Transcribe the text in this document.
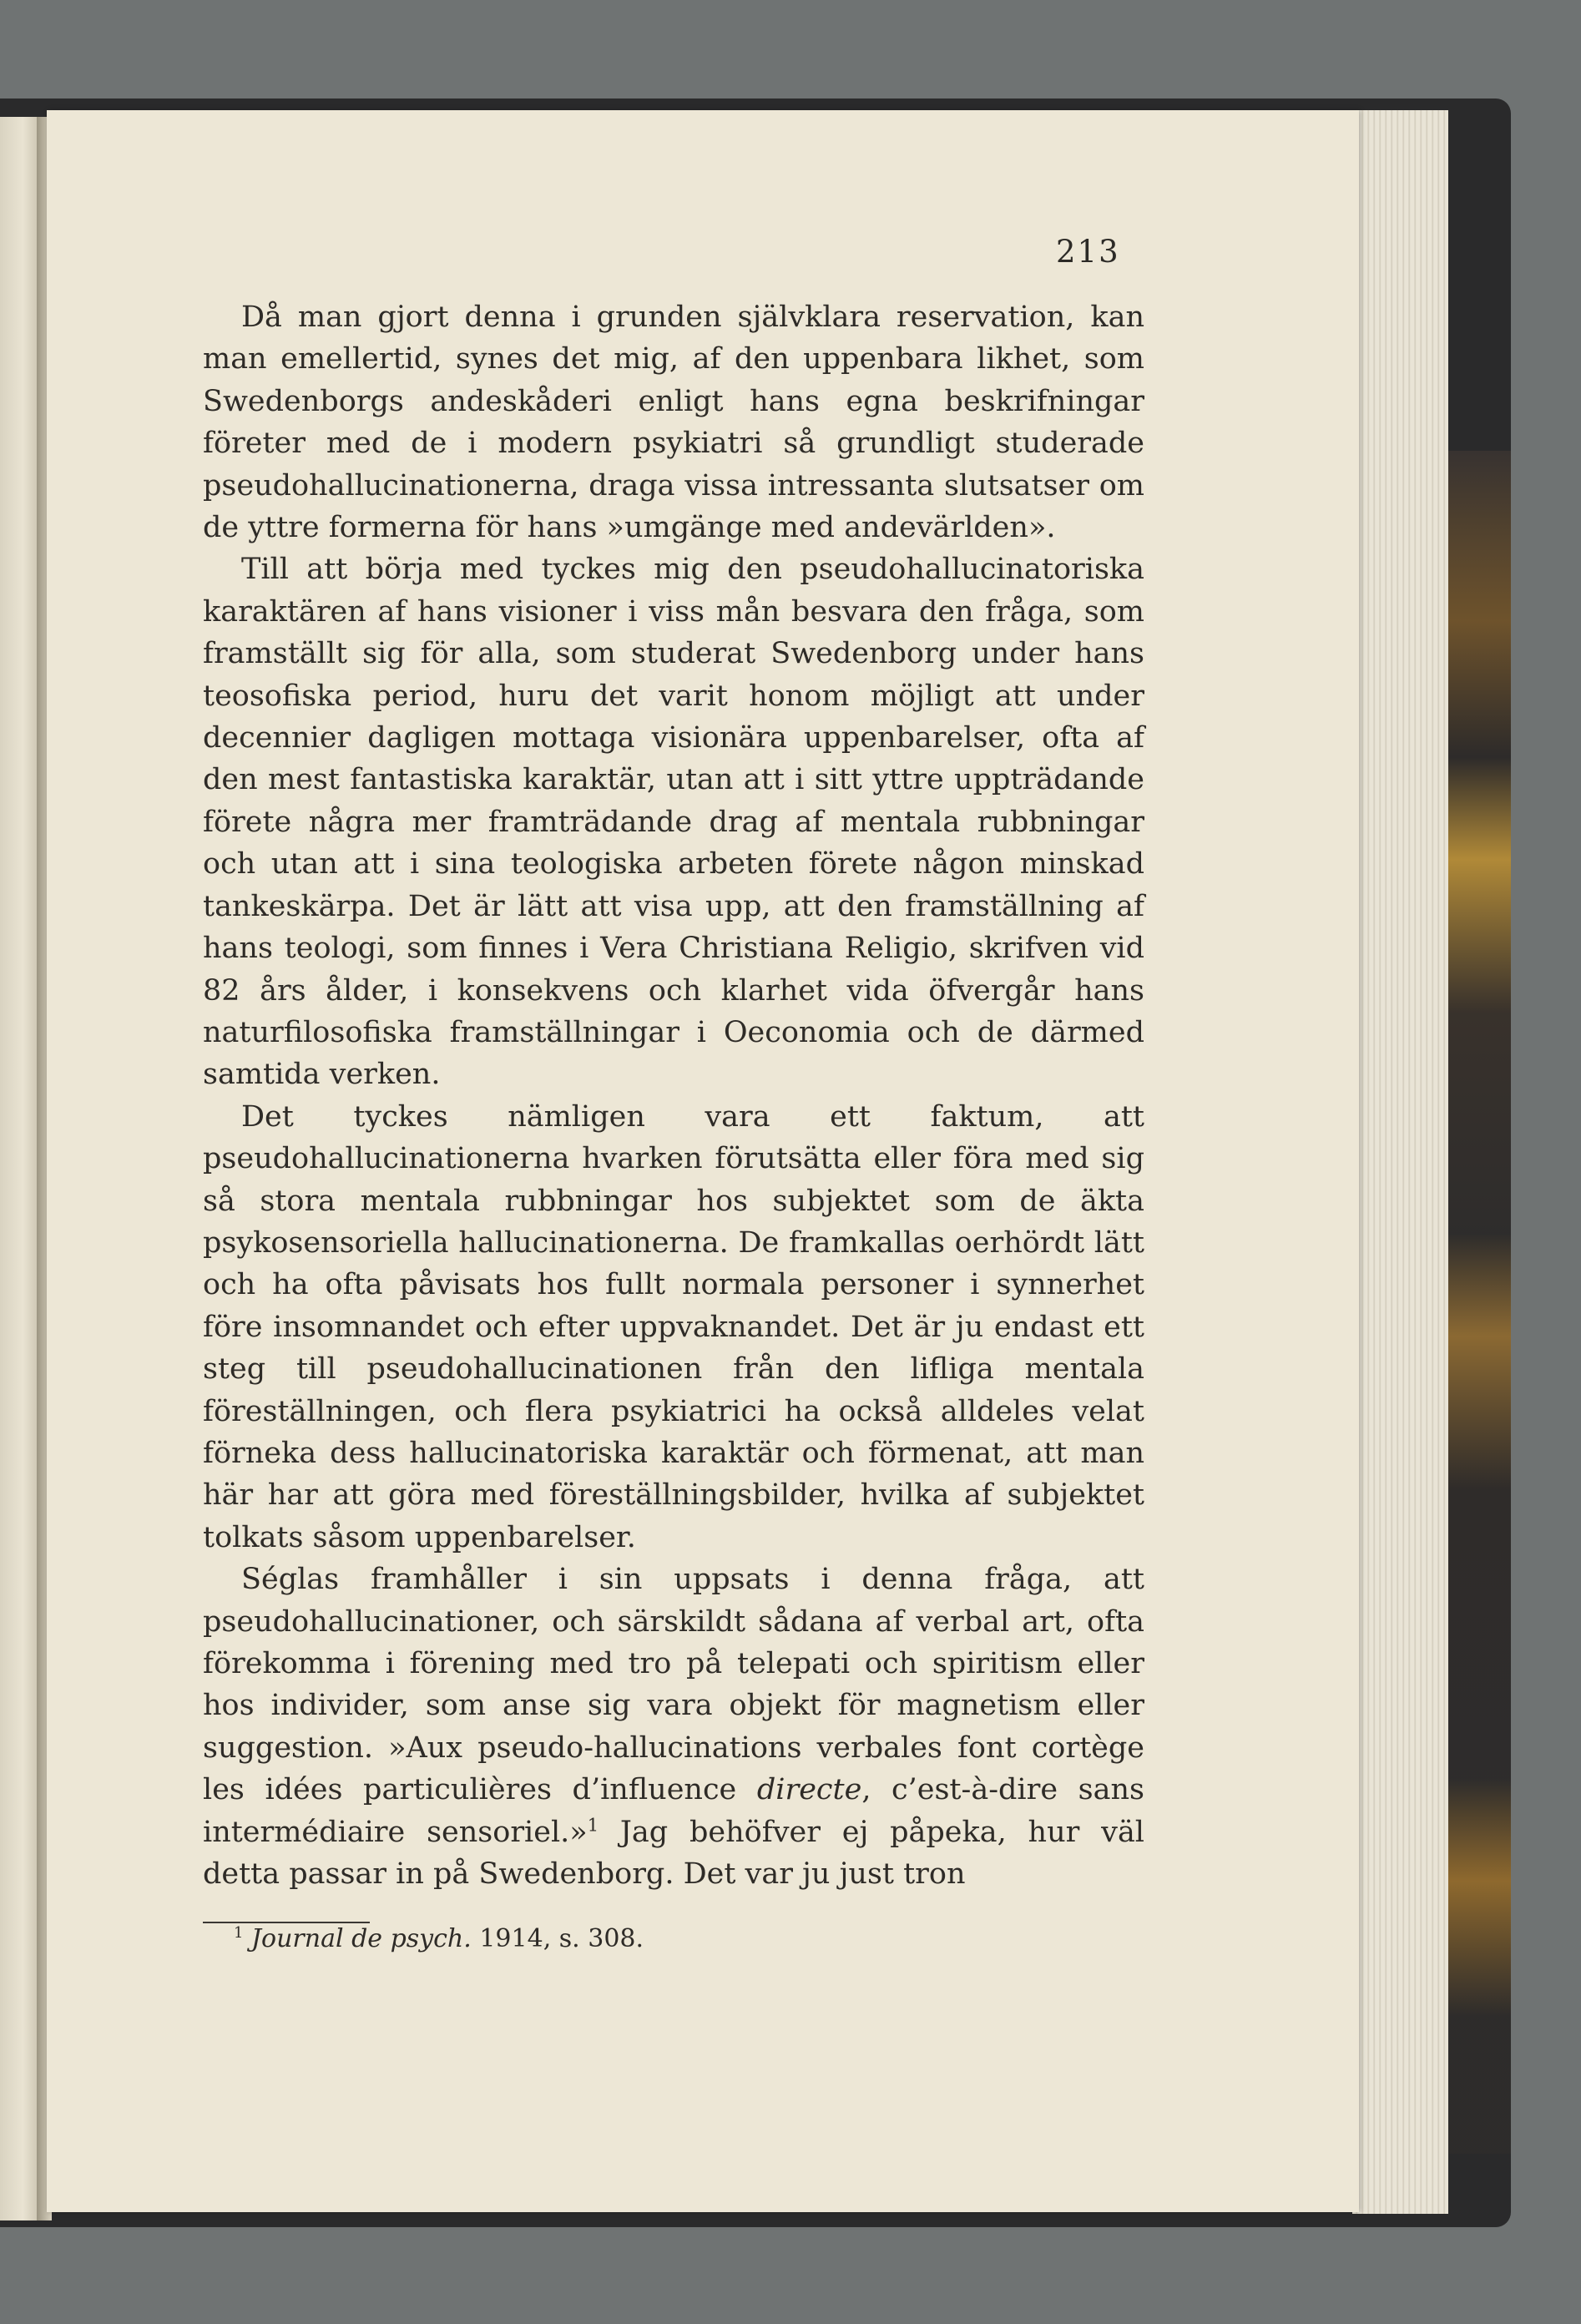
213

Då man gjort denna i grunden självklara reservation, kan man emellertid, synes det mig, af den uppenbara likhet, som Swedenborgs andeskåderi enligt hans egna beskrifningar företer med de i modern psykiatri så grundligt studerade pseudohallucinationerna, draga vissa intressanta slutsatser om de yttre formerna för hans »umgänge med andevärlden».

Till att börja med tyckes mig den pseudohallucinatoriska karaktären af hans visioner i viss mån besvara den fråga, som framställt sig för alla, som studerat Swedenborg under hans teosofiska period, huru det varit honom möjligt att under decennier dagligen mottaga visionära uppenbarelser, ofta af den mest fantastiska karaktär, utan att i sitt yttre uppträdande förete några mer framträdande drag af mentala rubbningar och utan att i sina teologiska arbeten förete någon minskad tankeskärpa. Det är lätt att visa upp, att den framställning af hans teologi, som finnes i Vera Christiana Religio, skrifven vid 82 års ålder, i konsekvens och klarhet vida öfvergår hans naturfilosofiska framställningar i Oeconomia och de därmed samtida verken.

Det tyckes nämligen vara ett faktum, att pseudohallucinationerna hvarken förutsätta eller föra med sig så stora mentala rubbningar hos subjektet som de äkta psykosensoriella hallucinationerna. De framkallas oerhördt lätt och ha ofta påvisats hos fullt normala personer i synnerhet före insomnandet och efter uppvaknandet. Det är ju endast ett steg till pseudohallucinationen från den lifliga mentala föreställningen, och flera psykiatrici ha också alldeles velat förneka dess hallucinatoriska karaktär och förmenat, att man här har att göra med föreställningsbilder, hvilka af subjektet tolkats såsom uppenbarelser.

Séglas framhåller i sin uppsats i denna fråga, att pseudohallucinationer, och särskildt sådana af verbal art, ofta förekomma i förening med tro på telepati och spiritism eller hos individer, som anse sig vara objekt för magnetism eller suggestion. »Aux pseudo-hallucinations verbales font cortège les idées particulières d’influence directe, c’est-à-dire sans intermédiaire sensoriel.»$^1$ Jag behöfver ej påpeka, hur väl detta passar in på Swedenborg. Det var ju just tron

$^1$ Journal de psych. 1914, s. 308.
